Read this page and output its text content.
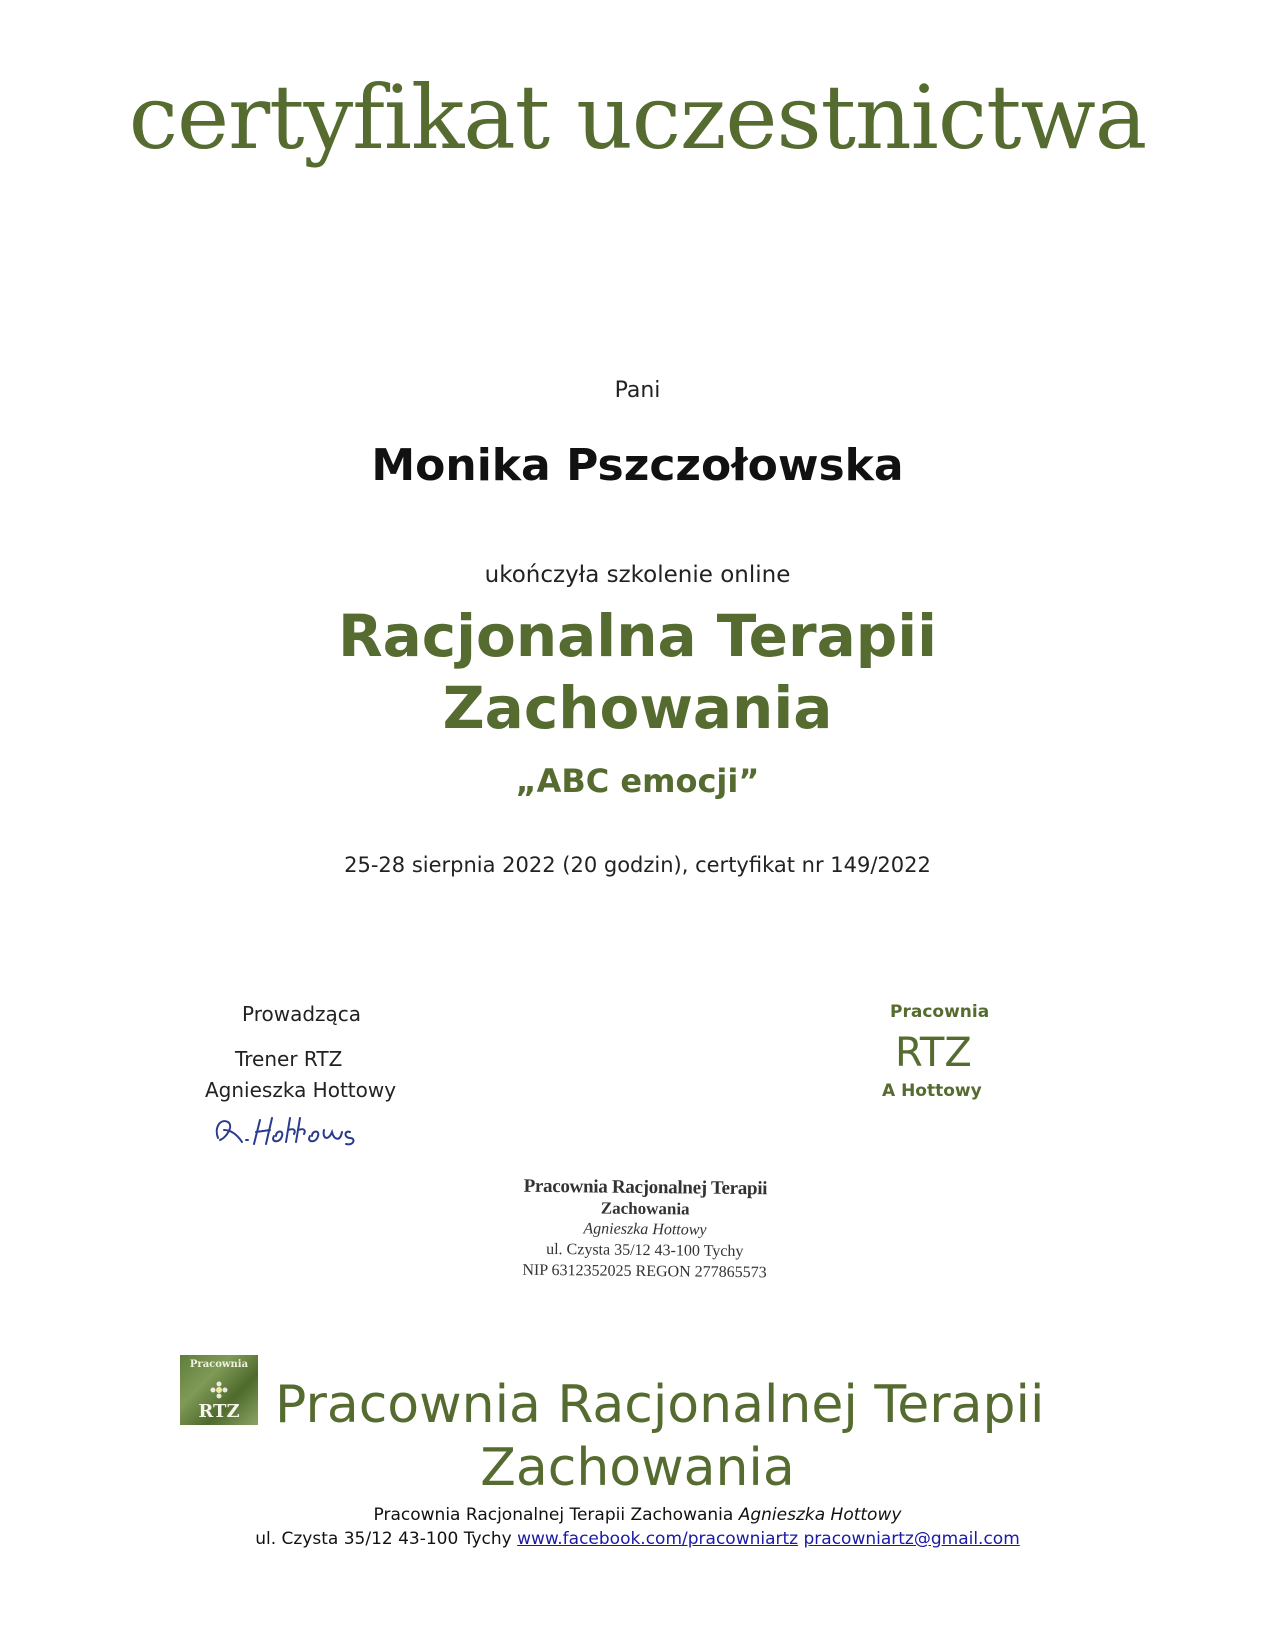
certyfikat uczestnictwa
Pani
Monika Pszczołowska
ukończyła szkolenie online
Racjonalna Terapii
Zachowania
„ABC emocji”
25-28 sierpnia 2022 (20 godzin), certyfikat nr 149/2022
Prowadząca
Trener RTZ
Agnieszka Hottowy
Pracownia
RTZ
A Hottowy
Pracownia Racjonalnej Terapii
Zachowania
Agnieszka Hottowy
ul. Czysta 35/12 43-100 Tychy
NIP 6312352025 REGON 277865573
Pracownia
RTZ Pracownia Racjonalnej Terapii
Zachowania
Pracownia Racjonalnej Terapii Zachowania Agnieszka Hottowy
ul. Czysta 35/12 43-100 Tychy www.facebook.com/pracowniartz pracowniartz@gmail.com
